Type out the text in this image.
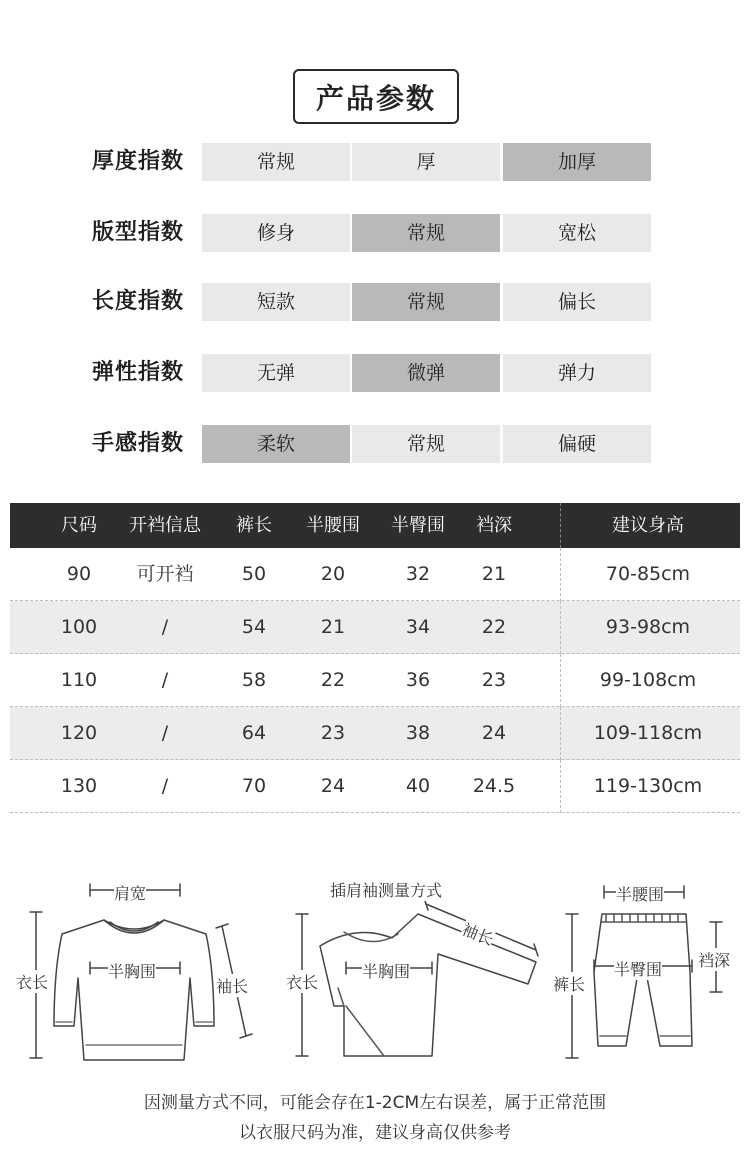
产品参数
厚度指数	常规	厚	加厚
版型指数	修身	常规	宽松
长度指数	短款	常规	偏长
弹性指数	无弹	微弹	弹力
手感指数	柔软	常规	偏硬
尺码	开裆信息	裤长	半腰围	半臀围	裆深	建议身高
90	可开裆	50	20	32	21	70-85cm
100	/	54	21	34	22	93-98cm
110	/	58	22	36	23	99-108cm
120	/	64	23	38	24	109-118cm
130	/	70	24	40	24.5	119-130cm
肩宽
衣长
半胸围
袖长
插肩袖测量方式
袖长
衣长
半胸围
半腰围
裆深
裤长
半臀围
因测量方式不同，可能会存在1-2CM左右误差，属于正常范围
以衣服尺码为准，建议身高仅供参考
